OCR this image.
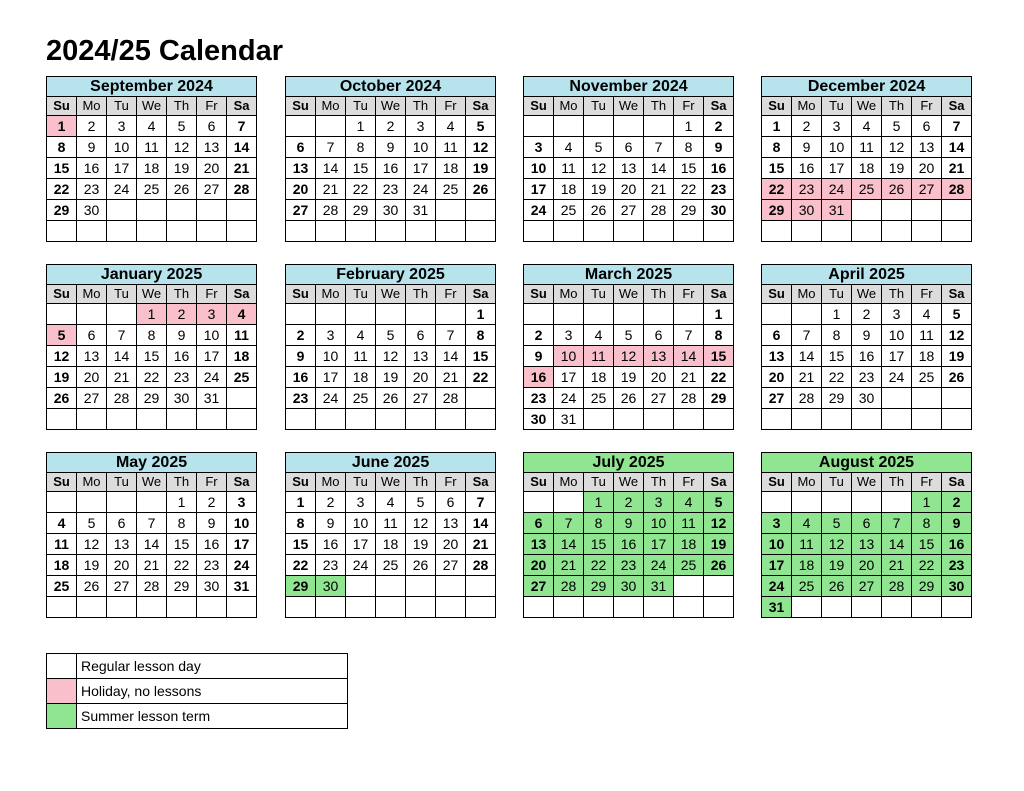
2024/25 Calendar
September 2024						
Su	Mo	Tu	We	Th	Fr	Sa
1	2	3	4	5	6	7
8	9	10	11	12	13	14
15	16	17	18	19	20	21
22	23	24	25	26	27	28
29	30					

October 2024						
Su	Mo	Tu	We	Th	Fr	Sa
		1	2	3	4	5
6	7	8	9	10	11	12
13	14	15	16	17	18	19
20	21	22	23	24	25	26
27	28	29	30	31		

November 2024						
Su	Mo	Tu	We	Th	Fr	Sa
					1	2
3	4	5	6	7	8	9
10	11	12	13	14	15	16
17	18	19	20	21	22	23
24	25	26	27	28	29	30

December 2024						
Su	Mo	Tu	We	Th	Fr	Sa
1	2	3	4	5	6	7
8	9	10	11	12	13	14
15	16	17	18	19	20	21
22	23	24	25	26	27	28
29	30	31				

January 2025						
Su	Mo	Tu	We	Th	Fr	Sa
			1	2	3	4
5	6	7	8	9	10	11
12	13	14	15	16	17	18
19	20	21	22	23	24	25
26	27	28	29	30	31	

February 2025						
Su	Mo	Tu	We	Th	Fr	Sa
						1
2	3	4	5	6	7	8
9	10	11	12	13	14	15
16	17	18	19	20	21	22
23	24	25	26	27	28	

March 2025						
Su	Mo	Tu	We	Th	Fr	Sa
						1
2	3	4	5	6	7	8
9	10	11	12	13	14	15
16	17	18	19	20	21	22
23	24	25	26	27	28	29
30	31					
April 2025						
Su	Mo	Tu	We	Th	Fr	Sa
		1	2	3	4	5
6	7	8	9	10	11	12
13	14	15	16	17	18	19
20	21	22	23	24	25	26
27	28	29	30			

May 2025						
Su	Mo	Tu	We	Th	Fr	Sa
				1	2	3
4	5	6	7	8	9	10
11	12	13	14	15	16	17
18	19	20	21	22	23	24
25	26	27	28	29	30	31

June 2025						
Su	Mo	Tu	We	Th	Fr	Sa
1	2	3	4	5	6	7
8	9	10	11	12	13	14
15	16	17	18	19	20	21
22	23	24	25	26	27	28
29	30					

July 2025						
Su	Mo	Tu	We	Th	Fr	Sa
		1	2	3	4	5
6	7	8	9	10	11	12
13	14	15	16	17	18	19
20	21	22	23	24	25	26
27	28	29	30	31		

August 2025						
Su	Mo	Tu	We	Th	Fr	Sa
					1	2
3	4	5	6	7	8	9
10	11	12	13	14	15	16
17	18	19	20	21	22	23
24	25	26	27	28	29	30
31						
	Regular lesson day
	Holiday, no lessons
	Summer lesson term
